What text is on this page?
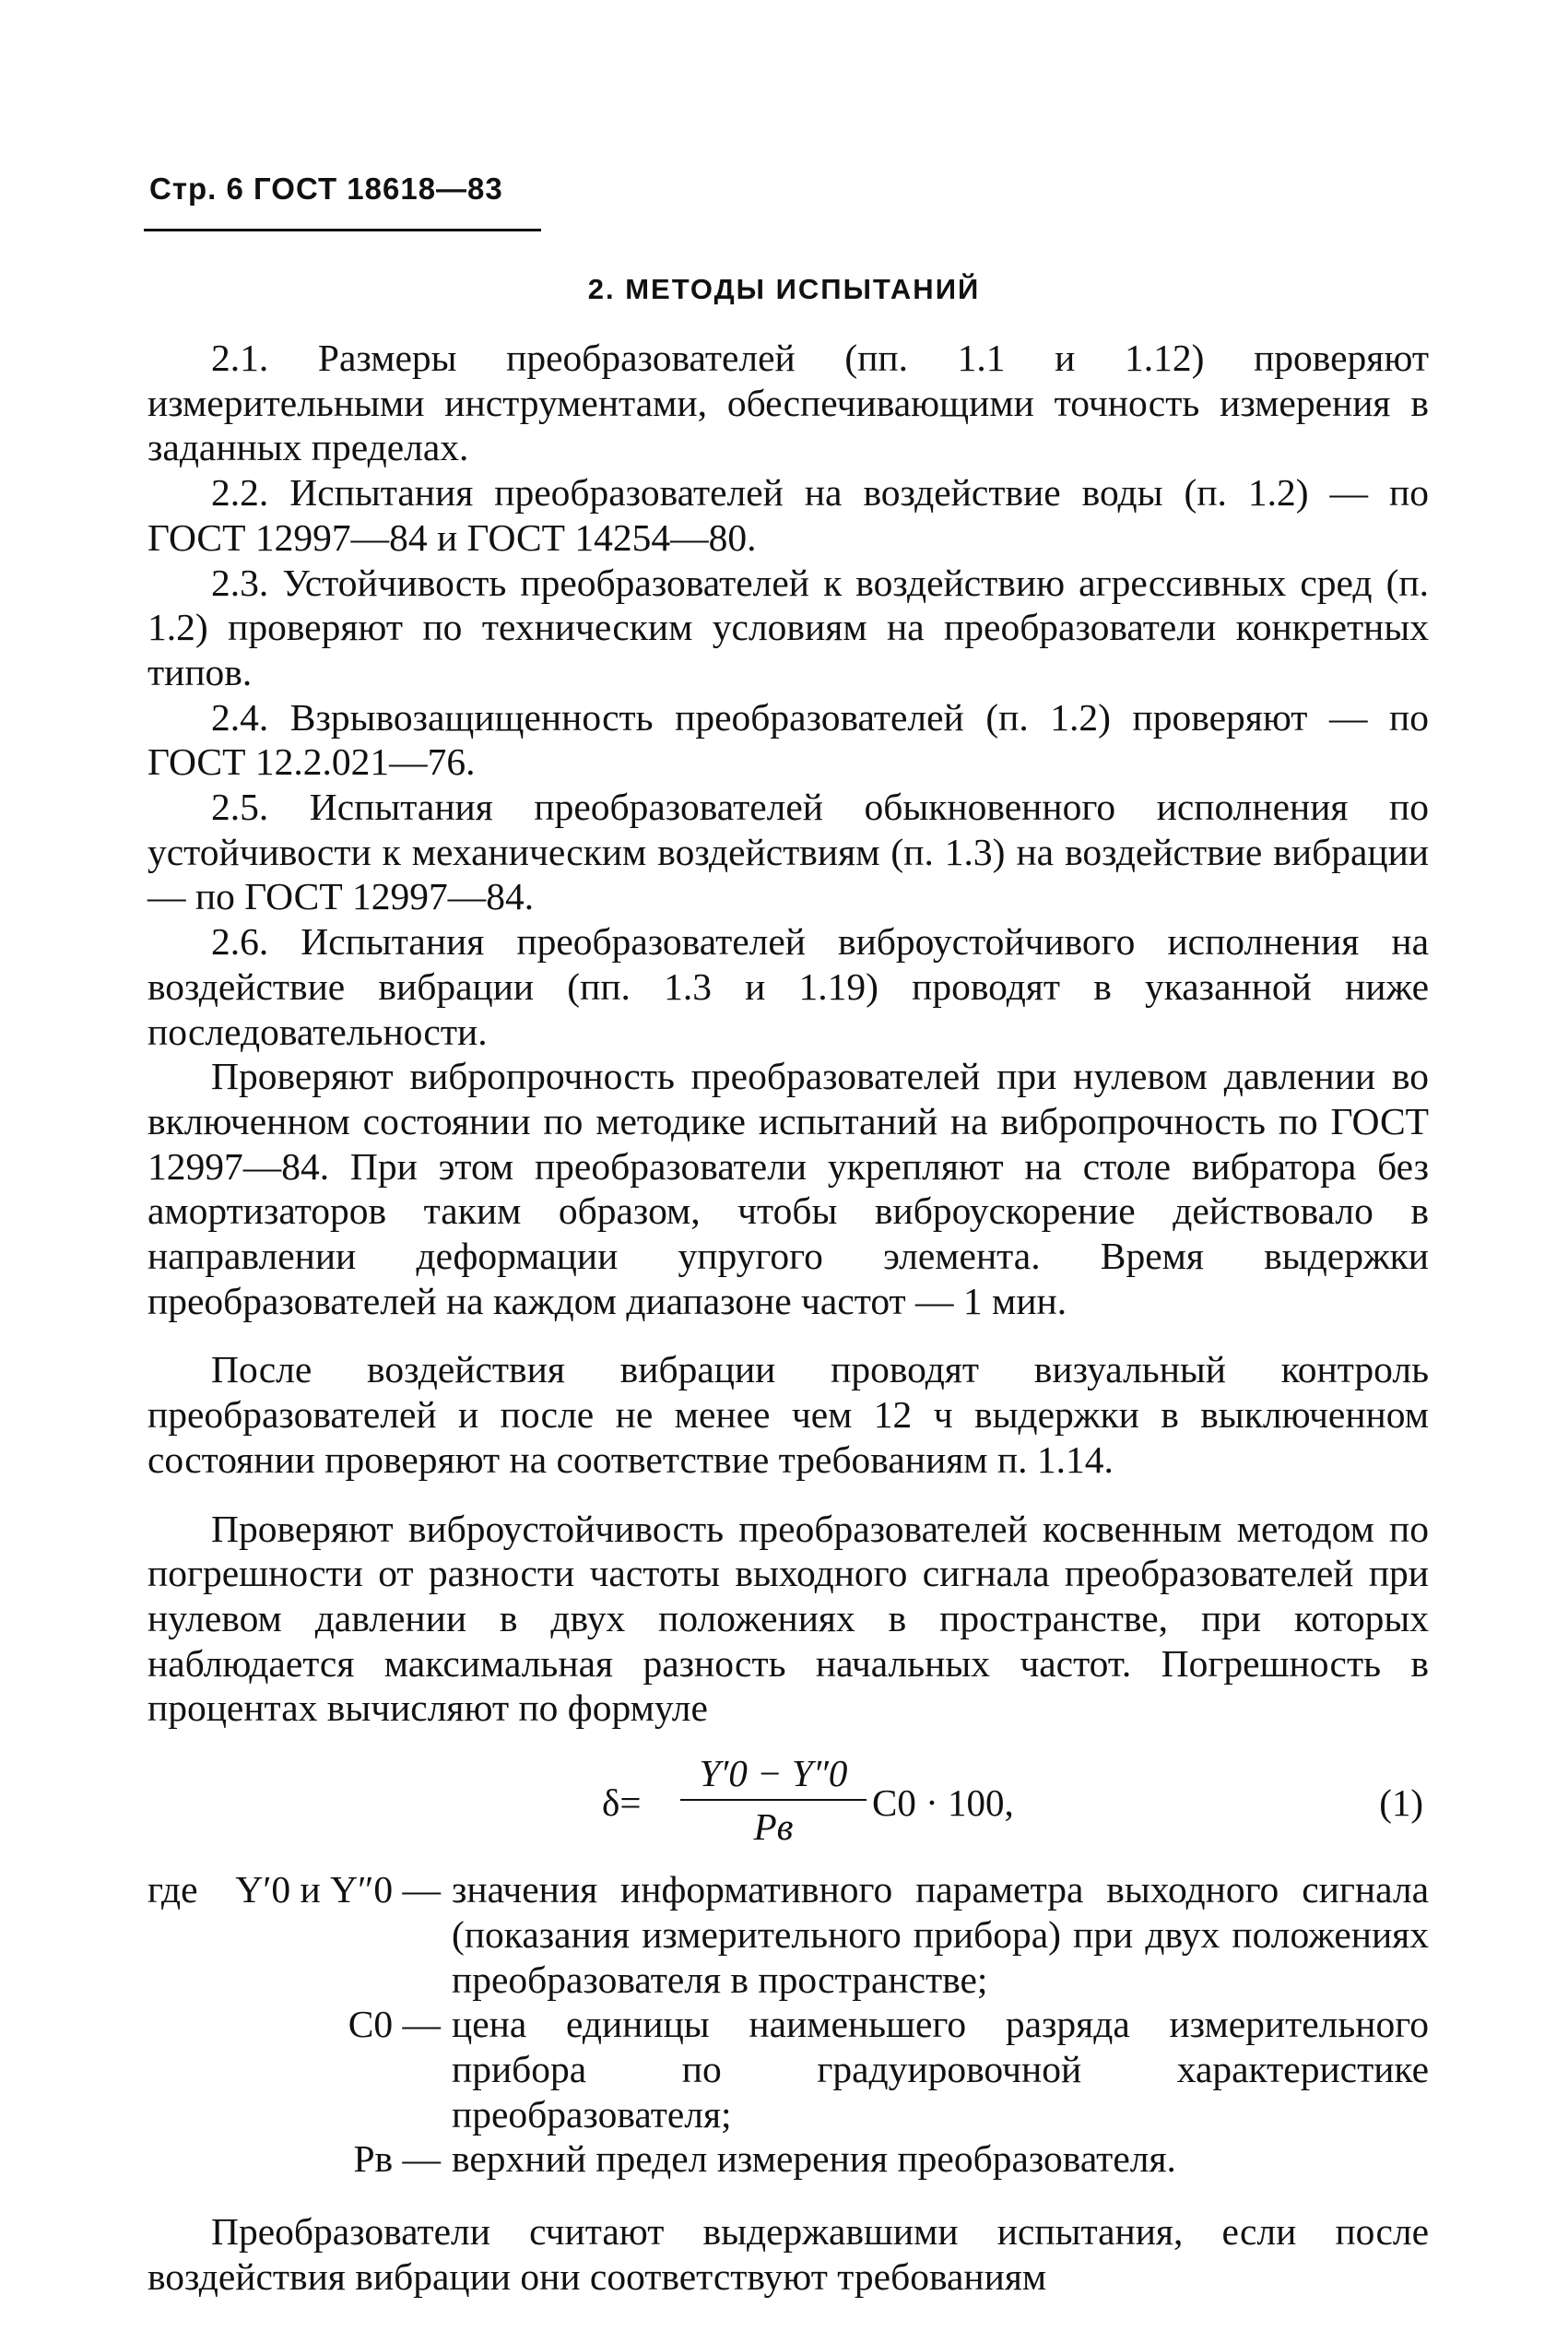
Стр. 6 ГОСТ 18618—83
2. МЕТОДЫ ИСПЫТАНИЙ

2.1. Размеры преобразователей (пп. 1.1 и 1.12) проверяют измерительными инструментами, обеспечивающими точность измерения в заданных пределах.

2.2. Испытания преобразователей на воздействие воды (п. 1.2) — по ГОСТ 12997—84 и ГОСТ 14254—80.

2.3. Устойчивость преобразователей к воздействию агрессивных сред (п. 1.2) проверяют по техническим условиям на преобразователи конкретных типов.

2.4. Взрывозащищенность преобразователей (п. 1.2) проверяют — по ГОСТ 12.2.021—76.

2.5. Испытания преобразователей обыкновенного исполнения по устойчивости к механическим воздействиям (п. 1.3) на воздействие вибрации — по ГОСТ 12997—84.

2.6. Испытания преобразователей виброустойчивого исполнения на воздействие вибрации (пп. 1.3 и 1.19) проводят в указанной ниже последовательности.

Проверяют вибропрочность преобразователей при нулевом давлении во включенном состоянии по методике испытаний на вибропрочность по ГОСТ 12997—84. При этом преобразователи укрепляют на столе вибратора без амортизаторов таким образом, чтобы виброускорение действовало в направлении деформации упругого элемента. Время выдержки преобразователей на каждом диапазоне частот — 1 мин.

После воздействия вибрации проводят визуальный контроль преобразователей и после не менее чем 12 ч выдержки в выключенном состоянии проверяют на соответствие требованиям п. 1.14.

Проверяют виброустойчивость преобразователей косвенным методом по погрешности от разности частоты выходного сигнала преобразователей при нулевом давлении в двух положениях в пространстве, при которых наблюдается максимальная разность начальных частот. Погрешность в процентах вычисляют по формуле

δ=
Y′0 − Y″0
Pв
C0 · 100,	(1)
где Y′0 и Y″0 — значения информативного параметра выходного сигнала (показания измерительного прибора) при двух положениях преобразователя в пространстве;
C0 — цена единицы наименьшего разряда измерительного прибора по градуировочной характеристике преобразователя;
Pв — верхний предел измерения преобразователя.

Преобразователи считают выдержавшими испытания, если после воздействия вибрации они соответствуют требованиям
